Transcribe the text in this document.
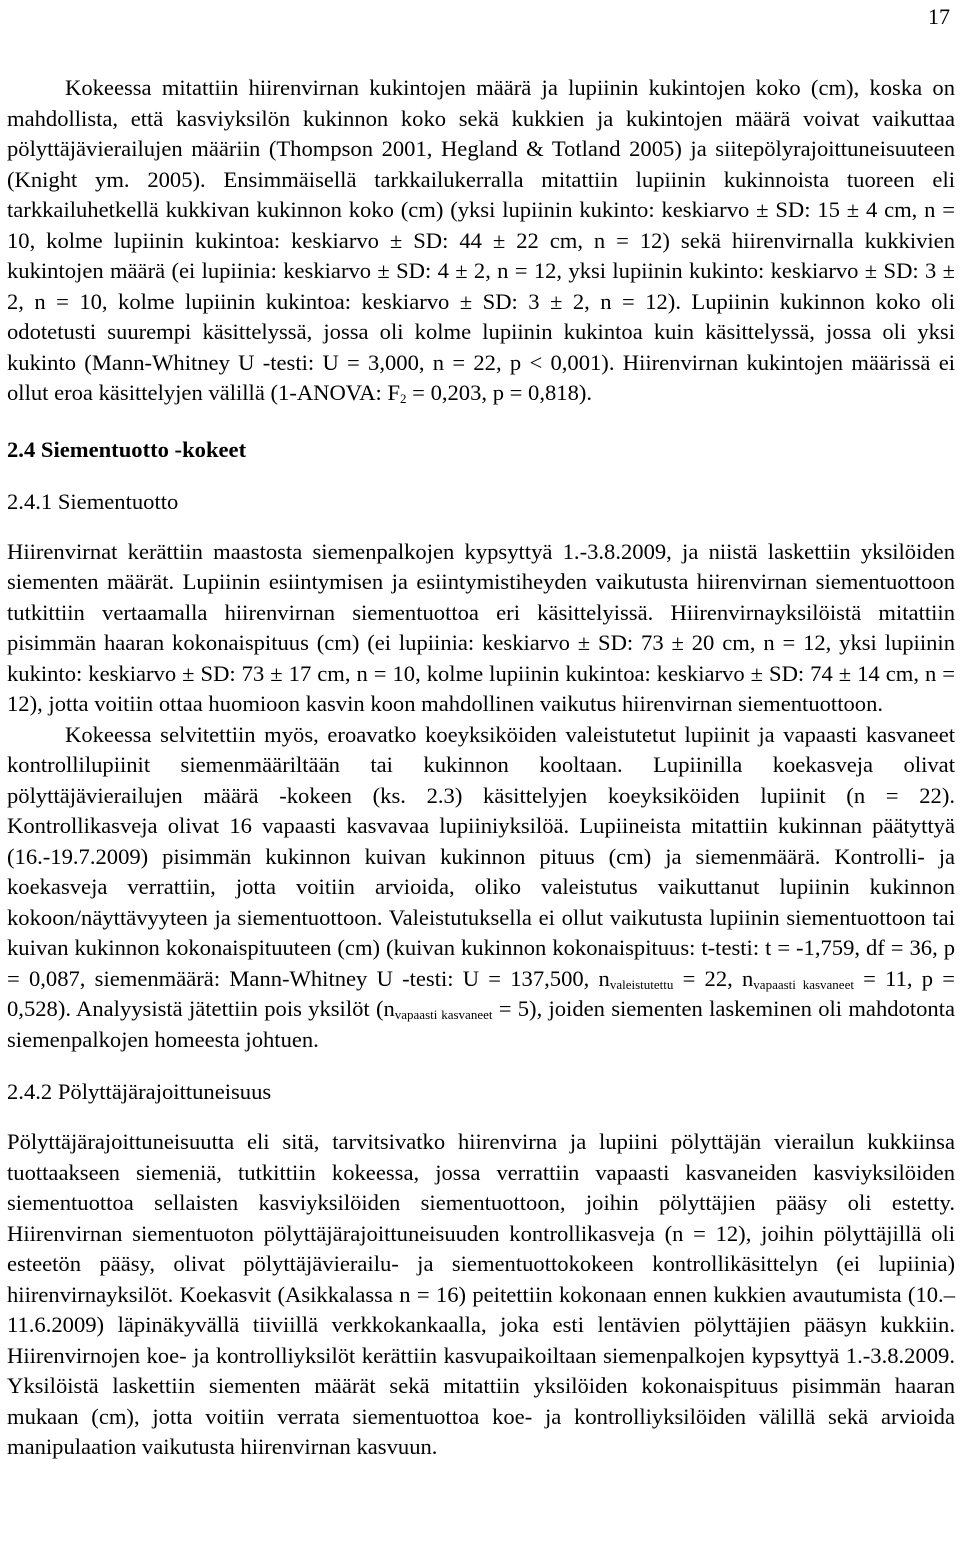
17

Kokeessa mitattiin hiirenvirnan kukintojen määrä ja lupiinin kukintojen koko (cm), koska on mahdollista, että kasviyksilön kukinnon koko sekä kukkien ja kukintojen määrä voivat vaikuttaa pölyttäjävierailujen määriin (Thompson 2001, Hegland & Totland 2005) ja siitepölyrajoittuneisuuteen (Knight ym. 2005). Ensimmäisellä tarkkailukerralla mitattiin lupiinin kukinnoista tuoreen eli tarkkailuhetkellä kukkivan kukinnon koko (cm) (yksi lupiinin kukinto: keskiarvo ± SD: 15 ± 4 cm, n = 10, kolme lupiinin kukintoa: keskiarvo ± SD: 44 ± 22 cm, n = 12) sekä hiirenvirnalla kukkivien kukintojen määrä (ei lupiinia: keskiarvo ± SD: 4 ± 2, n = 12, yksi lupiinin kukinto: keskiarvo ± SD: 3 ± 2, n = 10, kolme lupiinin kukintoa: keskiarvo ± SD: 3 ± 2, n = 12). Lupiinin kukinnon koko oli odotetusti suurempi käsittelyssä, jossa oli kolme lupiinin kukintoa kuin käsittelyssä, jossa oli yksi kukinto (Mann-Whitney U -testi: U = 3,000, n = 22, p < 0,001). Hiirenvirnan kukintojen määrissä ei ollut eroa käsittelyjen välillä (1-ANOVA: $F_2 = 0,203$, p = 0,818).

2.4 Siementuotto -kokeet
2.4.1 Siementuotto

Hiirenvirnat kerättiin maastosta siemenpalkojen kypsyttyä 1.-3.8.2009, ja niistä laskettiin yksilöiden siementen määrät. Lupiinin esiintymisen ja esiintymistiheyden vaikutusta hiirenvirnan siementuottoon tutkittiin vertaamalla hiirenvirnan siementuottoa eri käsittelyissä. Hiirenvirnayksilöistä mitattiin pisimmän haaran kokonaispituus (cm) (ei lupiinia: keskiarvo ± SD: 73 ± 20 cm, n = 12, yksi lupiinin kukinto: keskiarvo ± SD: 73 ± 17 cm, n = 10, kolme lupiinin kukintoa: keskiarvo ± SD: 74 ± 14 cm, n = 12), jotta voitiin ottaa huomioon kasvin koon mahdollinen vaikutus hiirenvirnan siementuottoon.

Kokeessa selvitettiin myös, eroavatko koeyksiköiden valeistutetut lupiinit ja vapaasti kasvaneet kontrollilupiinit siemenmääriltään tai kukinnon kooltaan. Lupiinilla koekasveja olivat pölyttäjävierailujen määrä -kokeen (ks. 2.3) käsittelyjen koeyksiköiden lupiinit (n = 22). Kontrollikasveja olivat 16 vapaasti kasvavaa lupiiniyksilöä. Lupiineista mitattiin kukinnan päätyttyä (16.-19.7.2009) pisimmän kukinnon kuivan kukinnon pituus (cm) ja siemenmäärä. Kontrolli- ja koekasveja verrattiin, jotta voitiin arvioida, oliko valeistutus vaikuttanut lupiinin kukinnon kokoon/näyttävyyteen ja siementuottoon. Valeistutuksella ei ollut vaikutusta lupiinin siementuottoon tai kuivan kukinnon kokonaispituuteen (cm) (kuivan kukinnon kokonaispituus: t-testi: t = -1,759, df = 36, p = 0,087, siemenmäärä: Mann-Whitney U -testi: U = 137,500, $n_{valeistutettu} = 22$, $n_{vapaasti kasvaneet} = 11$, p = 0,528). Analyysistä jätettiin pois yksilöt $(n_{vapaasti kasvaneet} = 5)$, joiden siementen laskeminen oli mahdotonta siemenpalkojen homeesta johtuen.

2.4.2 Pölyttäjärajoittuneisuus

Pölyttäjärajoittuneisuutta eli sitä, tarvitsivatko hiirenvirna ja lupiini pölyttäjän vierailun kukkiinsa tuottaakseen siemeniä, tutkittiin kokeessa, jossa verrattiin vapaasti kasvaneiden kasviyksilöiden siementuottoa sellaisten kasviyksilöiden siementuottoon, joihin pölyttäjien pääsy oli estetty. Hiirenvirnan siementuoton pölyttäjärajoittuneisuuden kontrollikasveja (n = 12), joihin pölyttäjillä oli esteetön pääsy, olivat pölyttäjävierailu- ja siementuottokokeen kontrollikäsittelyn (ei lupiinia) hiirenvirnayksilöt. Koekasvit (Asikkalassa n = 16) peitettiin kokonaan ennen kukkien avautumista (10.– 11.6.2009) läpinäkyvällä tiiviillä verkkokankaalla, joka esti lentävien pölyttäjien pääsyn kukkiin. Hiirenvirnojen koe- ja kontrolliyksilöt kerättiin kasvupaikoiltaan siemenpalkojen kypsyttyä 1.-3.8.2009. Yksilöistä laskettiin siementen määrät sekä mitattiin yksilöiden kokonaispituus pisimmän haaran mukaan (cm), jotta voitiin verrata siementuottoa koe- ja kontrolliyksilöiden välillä sekä arvioida manipulaation vaikutusta hiirenvirnan kasvuun.
